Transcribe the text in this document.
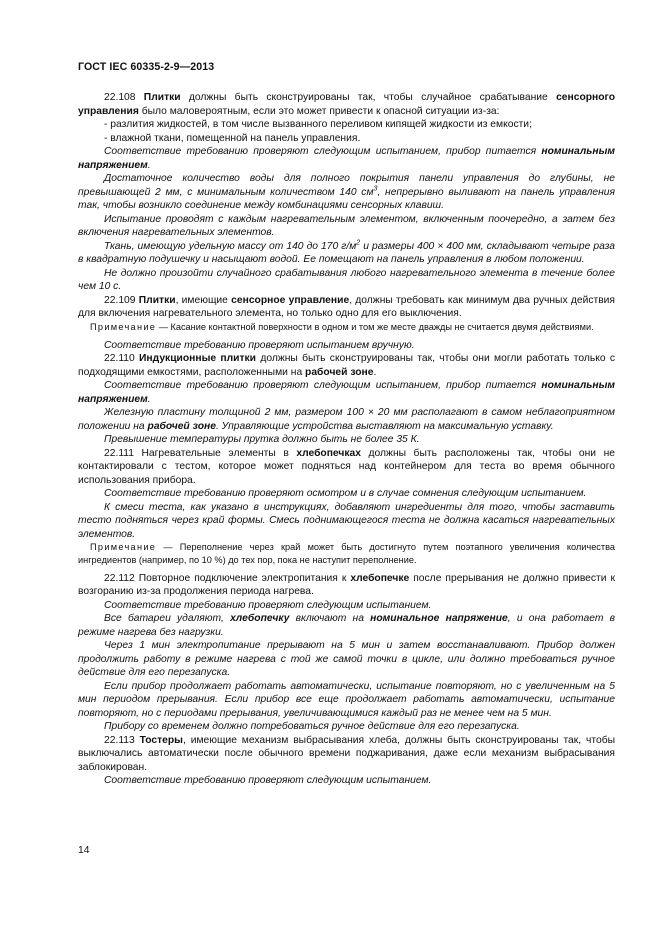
ГОСТ IEC 60335-2-9—2013

22.108 Плитки должны быть сконструированы так, чтобы случайное срабатывание сенсорного управления было маловероятным, если это может привести к опасной ситуации из-за:

- разлития жидкостей, в том числе вызванного переливом кипящей жидкости из емкости;

- влажной ткани, помещенной на панель управления.

Соответствие требованию проверяют следующим испытанием, прибор питается номинальным напряжением.

Достаточное количество воды для полного покрытия панели управления до глубины, не превышающей 2 мм, с минимальным количеством 140 $см^3$, непрерывно выливают на панель управления так, чтобы возникло соединение между комбинациями сенсорных клавиш.

Испытание проводят с каждым нагревательным элементом, включенным поочередно, а затем без включения нагревательных элементов.

Ткань, имеющую удельную массу от 140 до 170 $г/м^2$ и размеры 400 × 400 мм, складывают четыре раза в квадратную подушечку и насыщают водой. Ее помещают на панель управления в любом положении.

Не должно произойти случайного срабатывания любого нагревательного элемента в течение более чем 10 с.

22.109 Плитки, имеющие сенсорное управление, должны требовать как минимум два ручных действия для включения нагревательного элемента, но только одно для его выключения.

Примечание — Касание контактной поверхности в одном и том же месте дважды не считается двумя действиями.

Соответствие требованию проверяют испытанием вручную.

22.110 Индукционные плитки должны быть сконструированы так, чтобы они могли работать только с подходящими емкостями, расположенными на рабочей зоне.

Соответствие требованию проверяют следующим испытанием, прибор питается номинальным напряжением.

Железную пластину толщиной 2 мм, размером 100 × 20 мм располагают в самом неблагоприятном положении на рабочей зоне. Управляющие устройства выставляют на максимальную уставку.

Превышение температуры прутка должно быть не более 35 К.

22.111 Нагревательные элементы в хлебопечках должны быть расположены так, чтобы они не контактировали с тестом, которое может подняться над контейнером для теста во время обычного использования прибора.

Соответствие требованию проверяют осмотром и в случае сомнения следующим испытанием.

К смеси теста, как указано в инструкциях, добавляют ингредиенты для того, чтобы заставить тесто подняться через край формы. Смесь поднимающегося теста не должна касаться нагревательных элементов.

Примечание — Переполнение через край может быть достигнуто путем поэтапного увеличения количества ингредиентов (например, по 10 %) до тех пор, пока не наступит переполнение.

22.112 Повторное подключение электропитания к хлебопечке после прерывания не должно привести к возгоранию из-за продолжения периода нагрева.

Соответствие требованию проверяют следующим испытанием.

Все батареи удаляют, хлебопечку включают на номинальное напряжение, и она работает в режиме нагрева без нагрузки.

Через 1 мин электропитание прерывают на 5 мин и затем восстанавливают. Прибор должен продолжить работу в режиме нагрева с той же самой точки в цикле, или должно требоваться ручное действие для его перезапуска.

Если прибор продолжает работать автоматически, испытание повторяют, но с увеличенным на 5 мин периодом прерывания. Если прибор все еще продолжает работать автоматически, испытание повторяют, но с периодами прерывания, увеличивающимися каждый раз не менее чем на 5 мин.

Прибору со временем должно потребоваться ручное действие для его перезапуска.

22.113 Тостеры, имеющие механизм выбрасывания хлеба, должны быть сконструированы так, чтобы выключались автоматически после обычного времени поджаривания, даже если механизм выбрасывания заблокирован.

Соответствие требованию проверяют следующим испытанием.

14
